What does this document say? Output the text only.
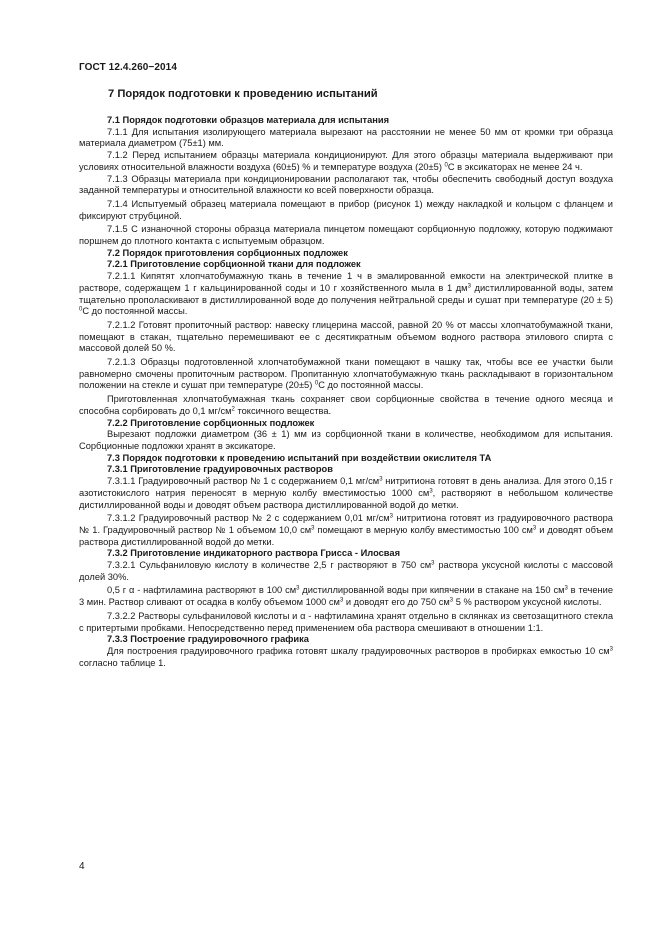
ГОСТ 12.4.260−2014
7 Порядок подготовки к проведению испытаний

7.1 Порядок подготовки образцов материала для испытания

7.1.1 Для испытания изолирующего материала вырезают на расстоянии не менее 50 мм от кромки три образца материала диаметром (75±1) мм.

7.1.2 Перед испытанием образцы материала кондиционируют. Для этого образцы материала выдерживают при условиях относительной влажности воздуха (60±5) % и температуре воздуха (20±5) $^0$С в эксикаторах не менее 24 ч.

7.1.3 Образцы материала при кондиционировании располагают так, чтобы обеспечить свободный доступ воздуха заданной температуры и относительной влажности ко всей поверхности образца.

7.1.4 Испытуемый образец материала помещают в прибор (рисунок 1) между накладкой и кольцом с фланцем и фиксируют струбциной.

7.1.5 С изнаночной стороны образца материала пинцетом помещают сорбционную подложку, которую поджимают поршнем до плотного контакта с испытуемым образцом.

7.2 Порядок приготовления сорбционных подложек

7.2.1 Приготовление сорбционной ткани для подложек

7.2.1.1 Кипятят хлопчатобумажную ткань в течение 1 ч в эмалированной емкости на электрической плитке в растворе, содержащем 1 г кальцинированной соды и 10 г хозяйственного мыла в 1 $дм^3$ дистиллированной воды, затем тщательно прополаскивают в дистиллированной воде до получения нейтральной среды и сушат при температуре (20 ± 5) $^0$С до постоянной массы.

7.2.1.2 Готовят пропиточный раствор: навеску глицерина массой, равной 20 % от массы хлопчатобумажной ткани, помещают в стакан, тщательно перемешивают ее с десятикратным объемом водного раствора этилового спирта с массовой долей 50 %.

7.2.1.3 Образцы подготовленной хлопчатобумажной ткани помещают в чашку так, чтобы все ее участки были равномерно смочены пропиточным раствором. Пропитанную хлопчатобумажную ткань раскладывают в горизонтальном положении на стекле и сушат при температуре (20±5) $^0$С до постоянной массы.

Приготовленная хлопчатобумажная ткань сохраняет свои сорбционные свойства в течение одного месяца и способна сорбировать до 0,1 $мг/см^2$ токсичного вещества.

7.2.2 Приготовление сорбционных подложек

Вырезают подложки диаметром (36 ± 1) мм из сорбционной ткани в количестве, необходимом для испытания. Сорбционные подложки хранят в эксикаторе.

7.3 Порядок подготовки к проведению испытаний при воздействии окислителя ТА

7.3.1 Приготовление градуировочных растворов

7.3.1.1 Градуировочный раствор № 1 с содержанием 0,1 $мг/см^3$ нитритиона готовят в день анализа. Для этого 0,15 г азотистокислого натрия переносят в мерную колбу вместимостью 1000 $см^3$, растворяют в небольшом количестве дистиллированной воды и доводят объем раствора дистиллированной водой до метки.

7.3.1.2 Градуировочный раствор № 2 с содержанием 0,01 $мг/см^3$ нитритиона готовят из градуировочного раствора № 1. Градуировочный раствор № 1 объемом 10,0 $см^3$ помещают в мерную колбу вместимостью 100 $см^3$ и доводят объем раствора дистиллированной водой до метки.

7.3.2 Приготовление индикаторного раствора Грисса - Илосвая

7.3.2.1 Сульфаниловую кислоту в количестве 2,5 г растворяют в 750 $см^3$ раствора уксусной кислоты с массовой долей 30%.

0,5 г α - нафтиламина растворяют в 100 $см^3$ дистиллированной воды при кипячении в стакане на 150 $см^3$ в течение 3 мин. Раствор сливают от осадка в колбу объемом 1000 $см^3$ и доводят его до 750 $см^3$ 5 % раствором уксусной кислоты.

7.3.2.2 Растворы сульфаниловой кислоты и α - нафтиламина хранят отдельно в склянках из светозащитного стекла с притертыми пробками. Непосредственно перед применением оба раствора смешивают в отношении 1:1.

7.3.3 Построение градуировочного графика

Для построения градуировочного графика готовят шкалу градуировочных растворов в пробирках емкостью 10 $см^3$ согласно таблице 1.

4
